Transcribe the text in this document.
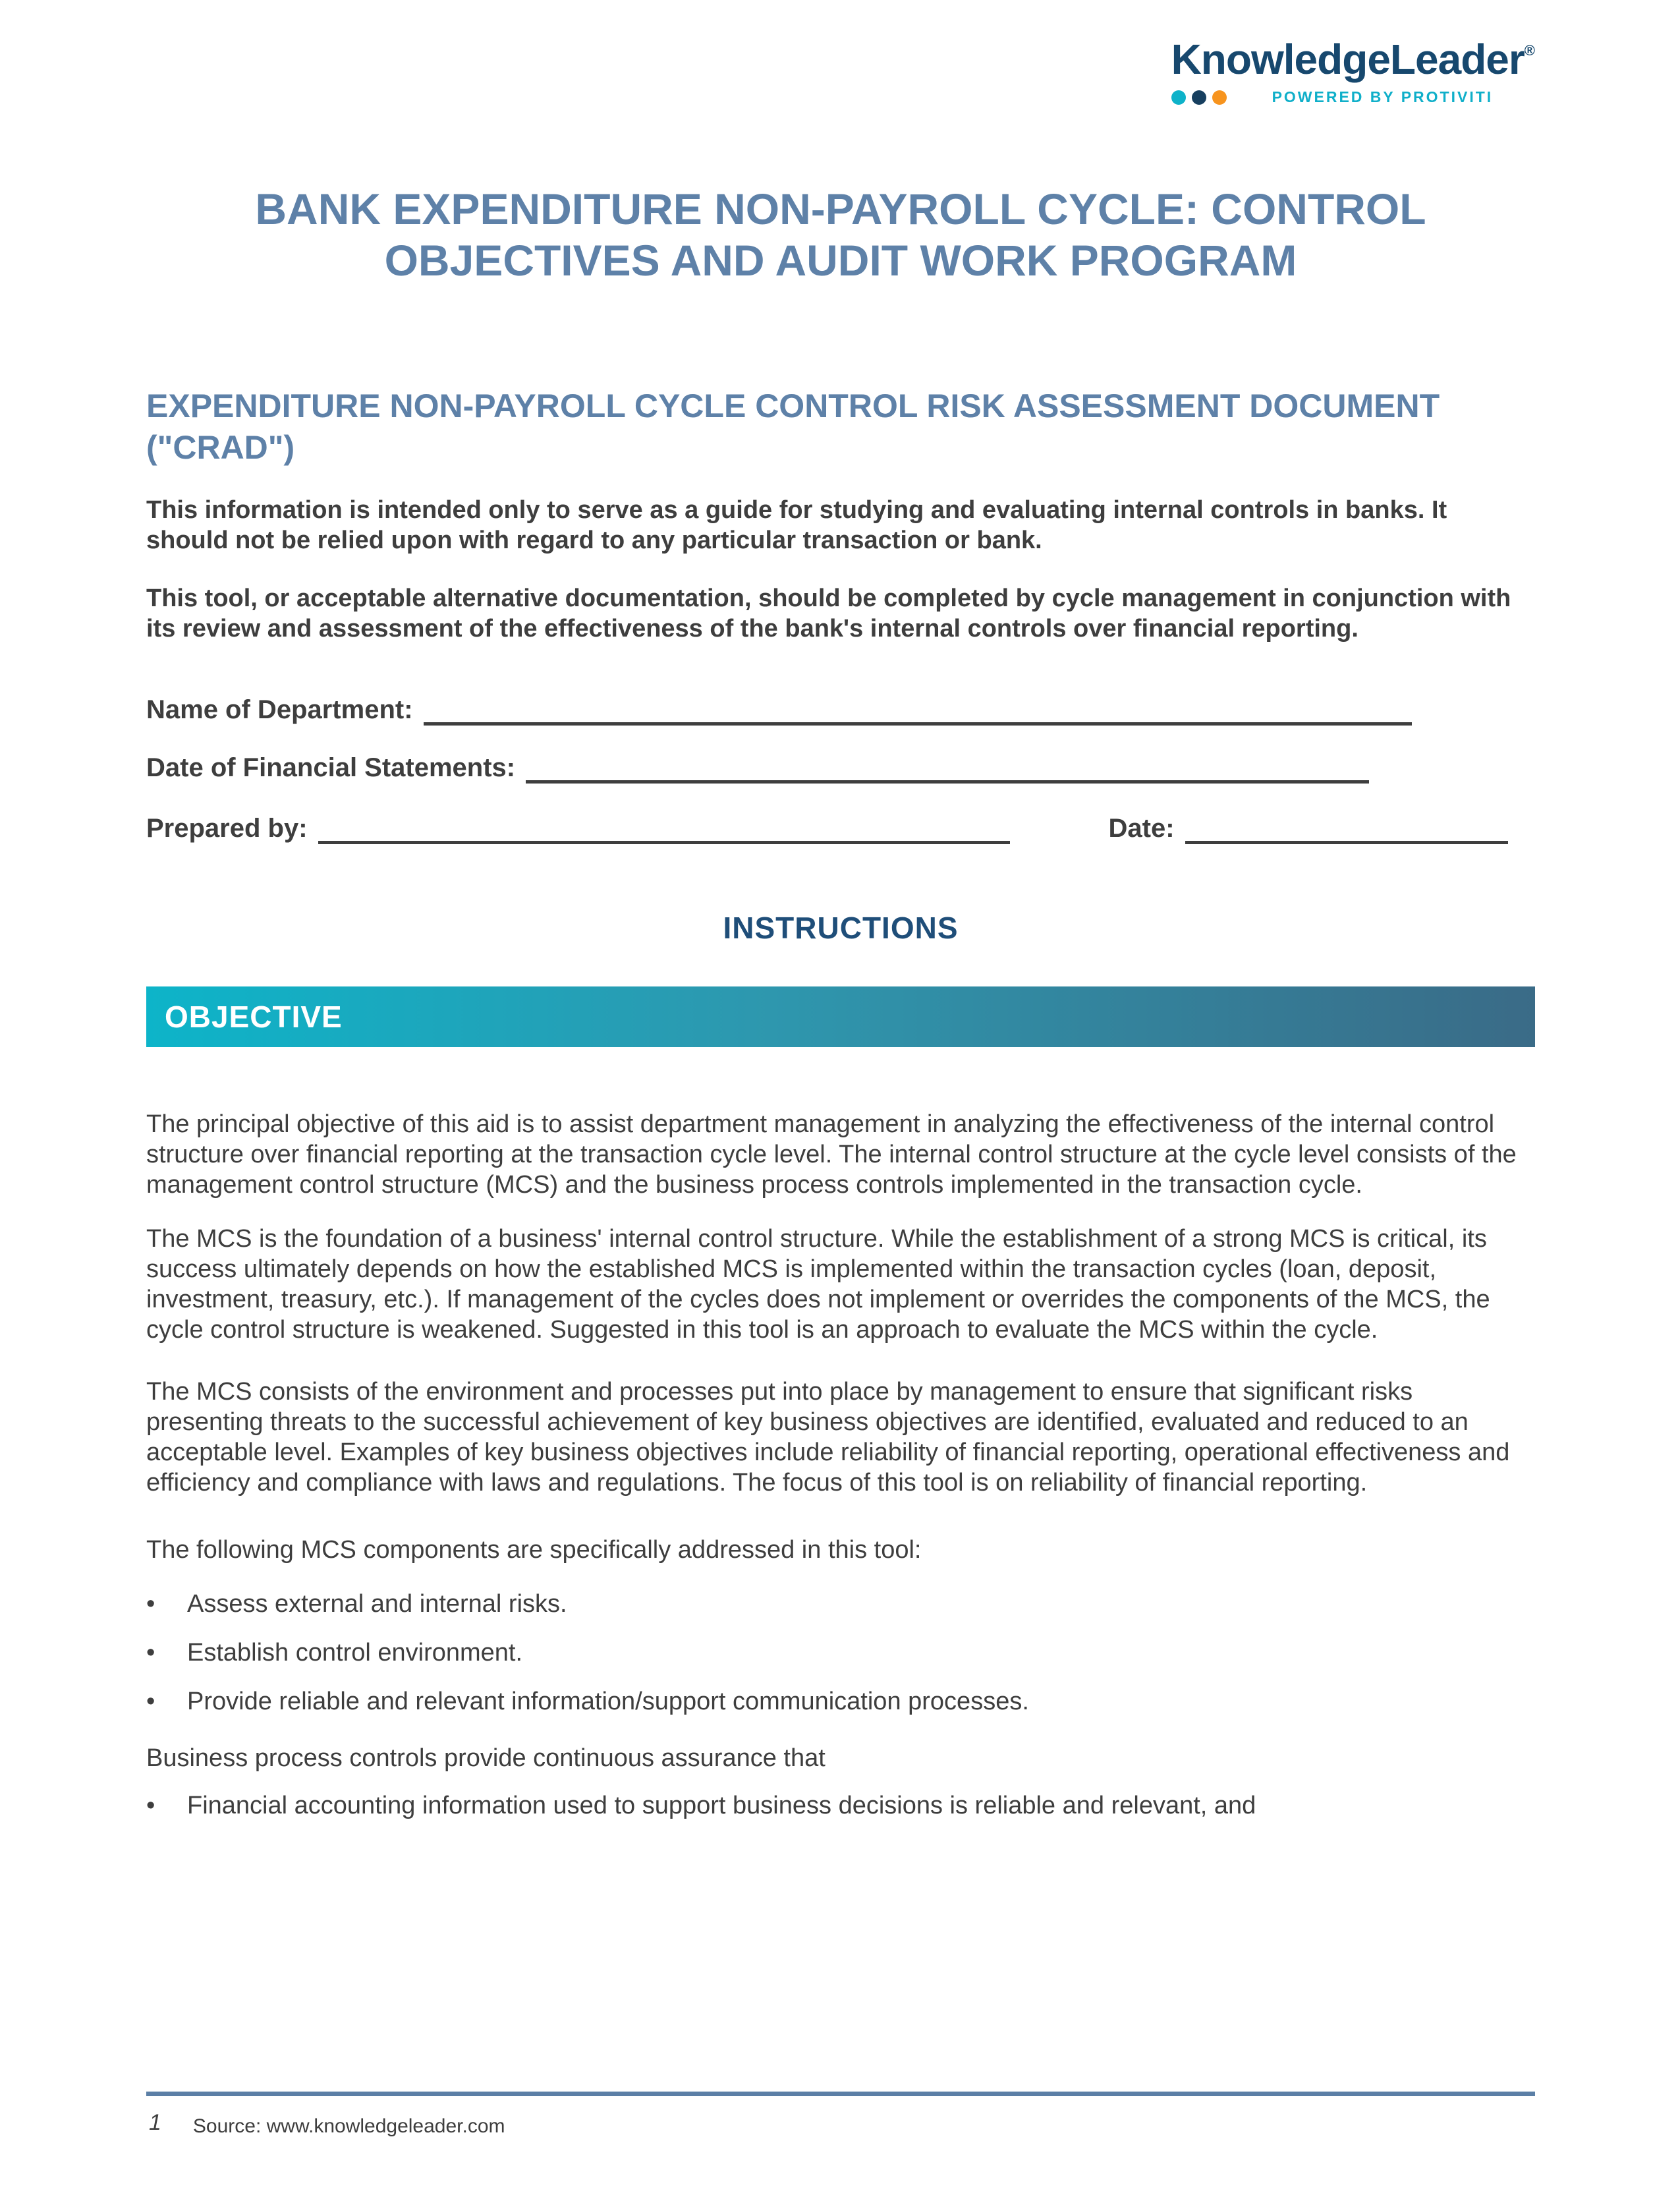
KnowledgeLeader®
POWERED BY PROTIVITI
BANK EXPENDITURE NON-PAYROLL CYCLE: CONTROL OBJECTIVES AND AUDIT WORK PROGRAM
EXPENDITURE NON-PAYROLL CYCLE CONTROL RISK ASSESSMENT DOCUMENT ("CRAD")

This information is intended only to serve as a guide for studying and evaluating internal controls in banks. It should not be relied upon with regard to any particular transaction or bank.

This tool, or acceptable alternative documentation, should be completed by cycle management in conjunction with its review and assessment of the effectiveness of the bank's internal controls over financial reporting.

Name of Department:
Date of Financial Statements:
Prepared by:	Date:
INSTRUCTIONS
OBJECTIVE

The principal objective of this aid is to assist department management in analyzing the effectiveness of the internal control structure over financial reporting at the transaction cycle level. The internal control structure at the cycle level consists of the management control structure (MCS) and the business process controls implemented in the transaction cycle.

The MCS is the foundation of a business' internal control structure. While the establishment of a strong MCS is critical, its success ultimately depends on how the established MCS is implemented within the transaction cycles (loan, deposit, investment, treasury, etc.). If management of the cycles does not implement or overrides the components of the MCS, the cycle control structure is weakened. Suggested in this tool is an approach to evaluate the MCS within the cycle.

The MCS consists of the environment and processes put into place by management to ensure that significant risks presenting threats to the successful achievement of key business objectives are identified, evaluated and reduced to an acceptable level. Examples of key business objectives include reliability of financial reporting, operational effectiveness and efficiency and compliance with laws and regulations. The focus of this tool is on reliability of financial reporting.

The following MCS components are specifically addressed in this tool:

•	Assess external and internal risks.
•	Establish control environment.
•	Provide reliable and relevant information/support communication processes.

Business process controls provide continuous assurance that

•	Financial accounting information used to support business decisions is reliable and relevant, and
1 Source: www.knowledgeleader.com
